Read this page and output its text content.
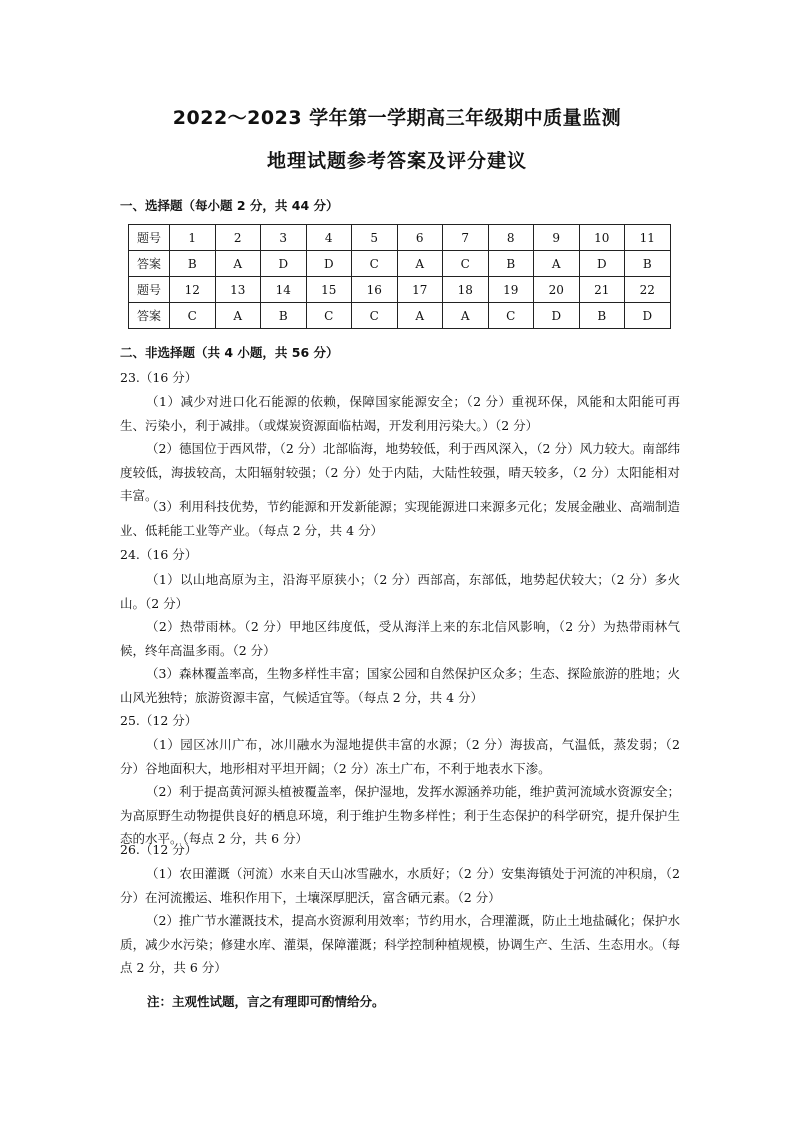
2022～2023 学年第一学期高三年级期中质量监测
地理试题参考答案及评分建议
一、选择题（每小题 2 分，共 44 分）
题号	1	2	3	4	5	6	7	8	9	10	11
答案	B	A	D	D	C	A	C	B	A	D	B
题号	12	13	14	15	16	17	18	19	20	21	22
答案	C	A	B	C	C	A	A	C	D	B	D
二、非选择题（共 4 小题，共 56 分）
23.（16 分）
（1）减少对进口化石能源的依赖，保障国家能源安全；（2 分）重视环保，风能和太阳能可再生、污染小，利于减排。（或煤炭资源面临枯竭，开发利用污染大。）（2 分）
（2）德国位于西风带，（2 分）北部临海，地势较低，利于西风深入，（2 分）风力较大。南部纬度较低，海拔较高，太阳辐射较强；（2 分）处于内陆，大陆性较强，晴天较多，（2 分）太阳能相对丰富。
（3）利用科技优势，节约能源和开发新能源；实现能源进口来源多元化；发展金融业、高端制造业、低耗能工业等产业。（每点 2 分，共 4 分）
24.（16 分）
（1）以山地高原为主，沿海平原狭小；（2 分）西部高，东部低，地势起伏较大；（2 分）多火山。（2 分）
（2）热带雨林。（2 分）甲地区纬度低，受从海洋上来的东北信风影响，（2 分）为热带雨林气候，终年高温多雨。（2 分）
（3）森林覆盖率高，生物多样性丰富；国家公园和自然保护区众多；生态、探险旅游的胜地；火山风光独特；旅游资源丰富，气候适宜等。（每点 2 分，共 4 分）
25.（12 分）
（1）园区冰川广布，冰川融水为湿地提供丰富的水源；（2 分）海拔高，气温低，蒸发弱；（2 分）谷地面积大，地形相对平坦开阔；（2 分）冻土广布，不利于地表水下渗。
（2）利于提高黄河源头植被覆盖率，保护湿地，发挥水源涵养功能，维护黄河流域水资源安全；为高原野生动物提供良好的栖息环境，利于维护生物多样性；利于生态保护的科学研究，提升保护生态的水平。（每点 2 分，共 6 分）
26.（12 分）
（1）农田灌溉（河流）水来自天山冰雪融水，水质好；（2 分）安集海镇处于河流的冲积扇，（2 分）在河流搬运、堆积作用下，土壤深厚肥沃，富含硒元素。（2 分）
（2）推广节水灌溉技术，提高水资源利用效率；节约用水，合理灌溉，防止土地盐碱化；保护水质，减少水污染；修建水库、灌渠，保障灌溉；科学控制种植规模，协调生产、生活、生态用水。（每点 2 分，共 6 分）
注：主观性试题，言之有理即可酌情给分。
